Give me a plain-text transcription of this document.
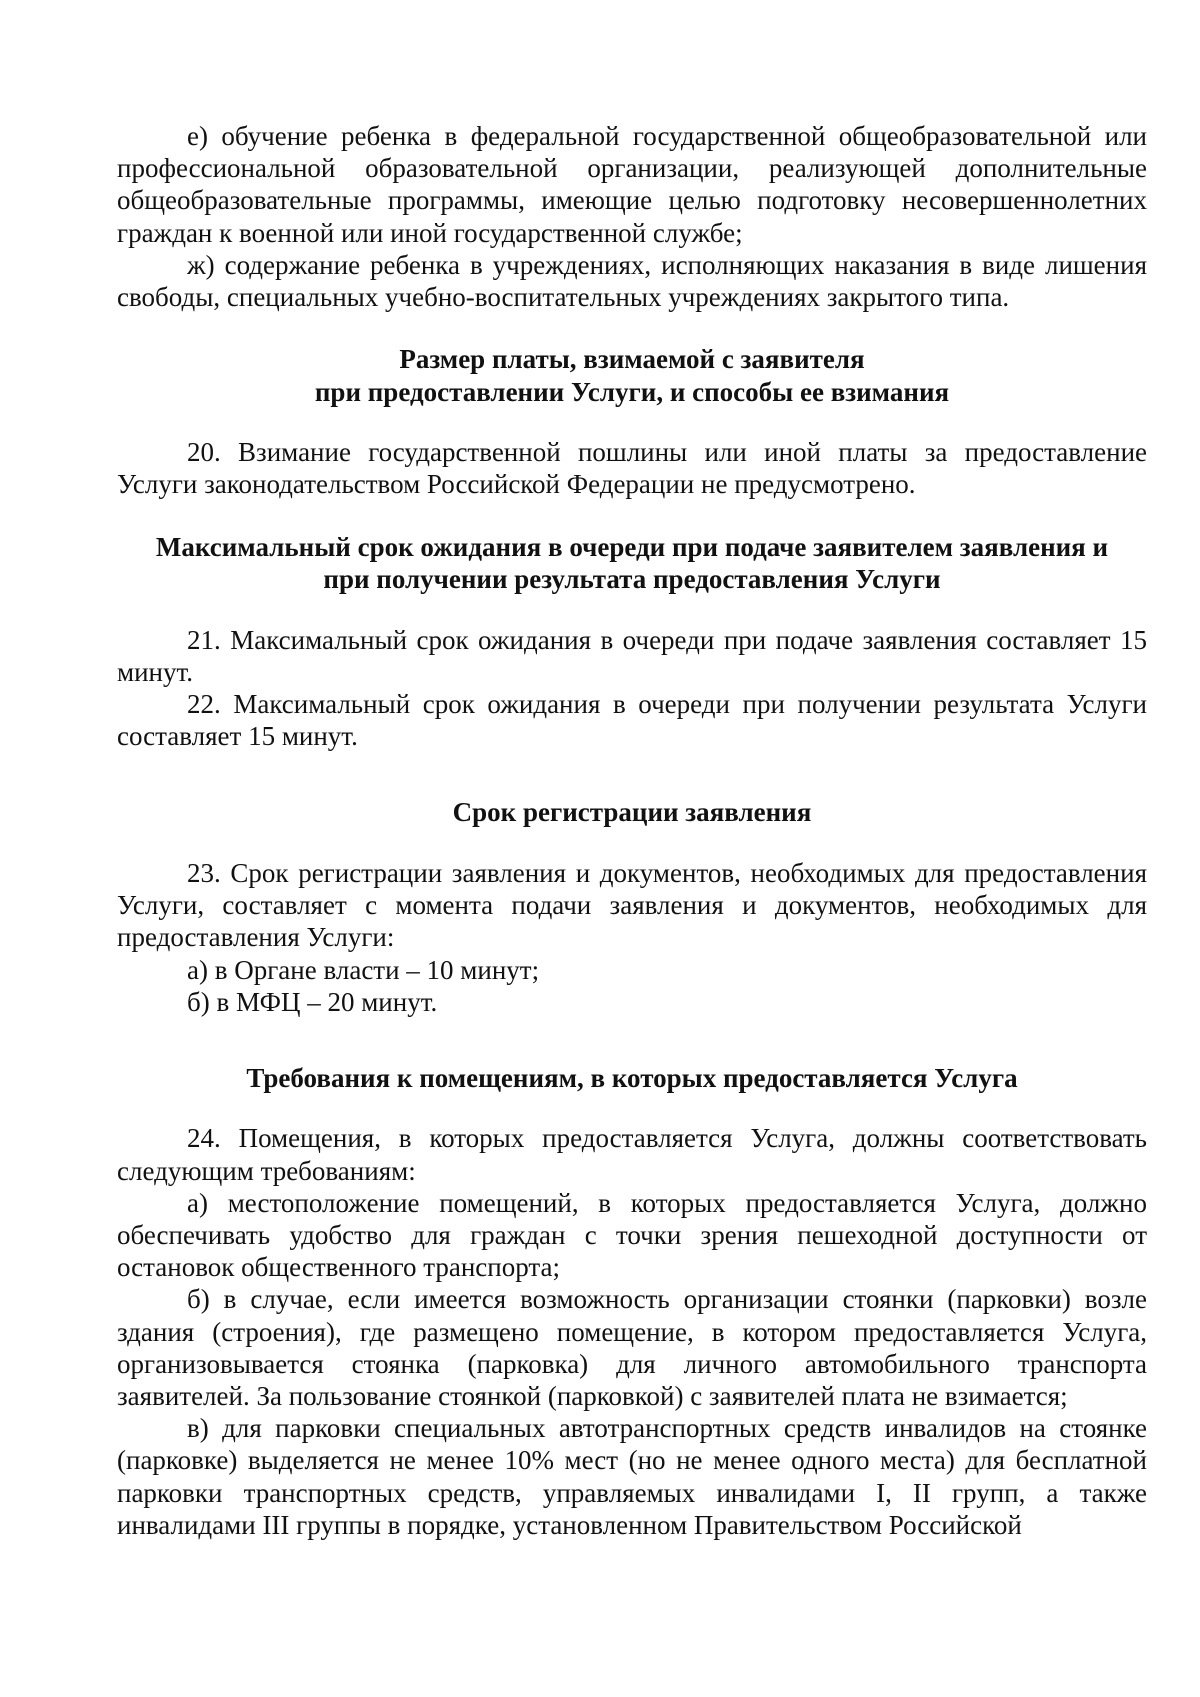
е) обучение ребенка в федеральной государственной общеобразовательной или профессиональной образовательной организации, реализующей дополнительные общеобразовательные программы, имеющие целью подготовку несовершеннолетних граждан к военной или иной государственной службе;

ж) содержание ребенка в учреждениях, исполняющих наказания в виде лишения свободы, специальных учебно-воспитательных учреждениях закрытого типа.

Размер платы, взимаемой с заявителя
при предоставлении Услуги, и способы ее взимания

20. Взимание государственной пошлины или иной платы за предоставление Услуги законодательством Российской Федерации не предусмотрено.

Максимальный срок ожидания в очереди при подаче заявителем заявления и
при получении результата предоставления Услуги

21. Максимальный срок ожидания в очереди при подаче заявления составляет 15 минут.

22. Максимальный срок ожидания в очереди при получении результата Услуги составляет 15 минут.

Срок регистрации заявления

23. Срок регистрации заявления и документов, необходимых для предоставления Услуги, составляет с момента подачи заявления и документов, необходимых для предоставления Услуги:

а) в Органе власти – 10 минут;

б) в МФЦ – 20 минут.

Требования к помещениям, в которых предоставляется Услуга

24. Помещения, в которых предоставляется Услуга, должны соответствовать следующим требованиям:

а) местоположение помещений, в которых предоставляется Услуга, должно обеспечивать удобство для граждан с точки зрения пешеходной доступности от остановок общественного транспорта;

б) в случае, если имеется возможность организации стоянки (парковки) возле здания (строения), где размещено помещение, в котором предоставляется Услуга, организовывается стоянка (парковка) для личного автомобильного транспорта заявителей. За пользование стоянкой (парковкой) с заявителей плата не взимается;

в) для парковки специальных автотранспортных средств инвалидов на стоянке (парковке) выделяется не менее 10% мест (но не менее одного места) для бесплатной парковки транспортных средств, управляемых инвалидами I, II групп, а также инвалидами III группы в порядке, установленном Правительством Российской
